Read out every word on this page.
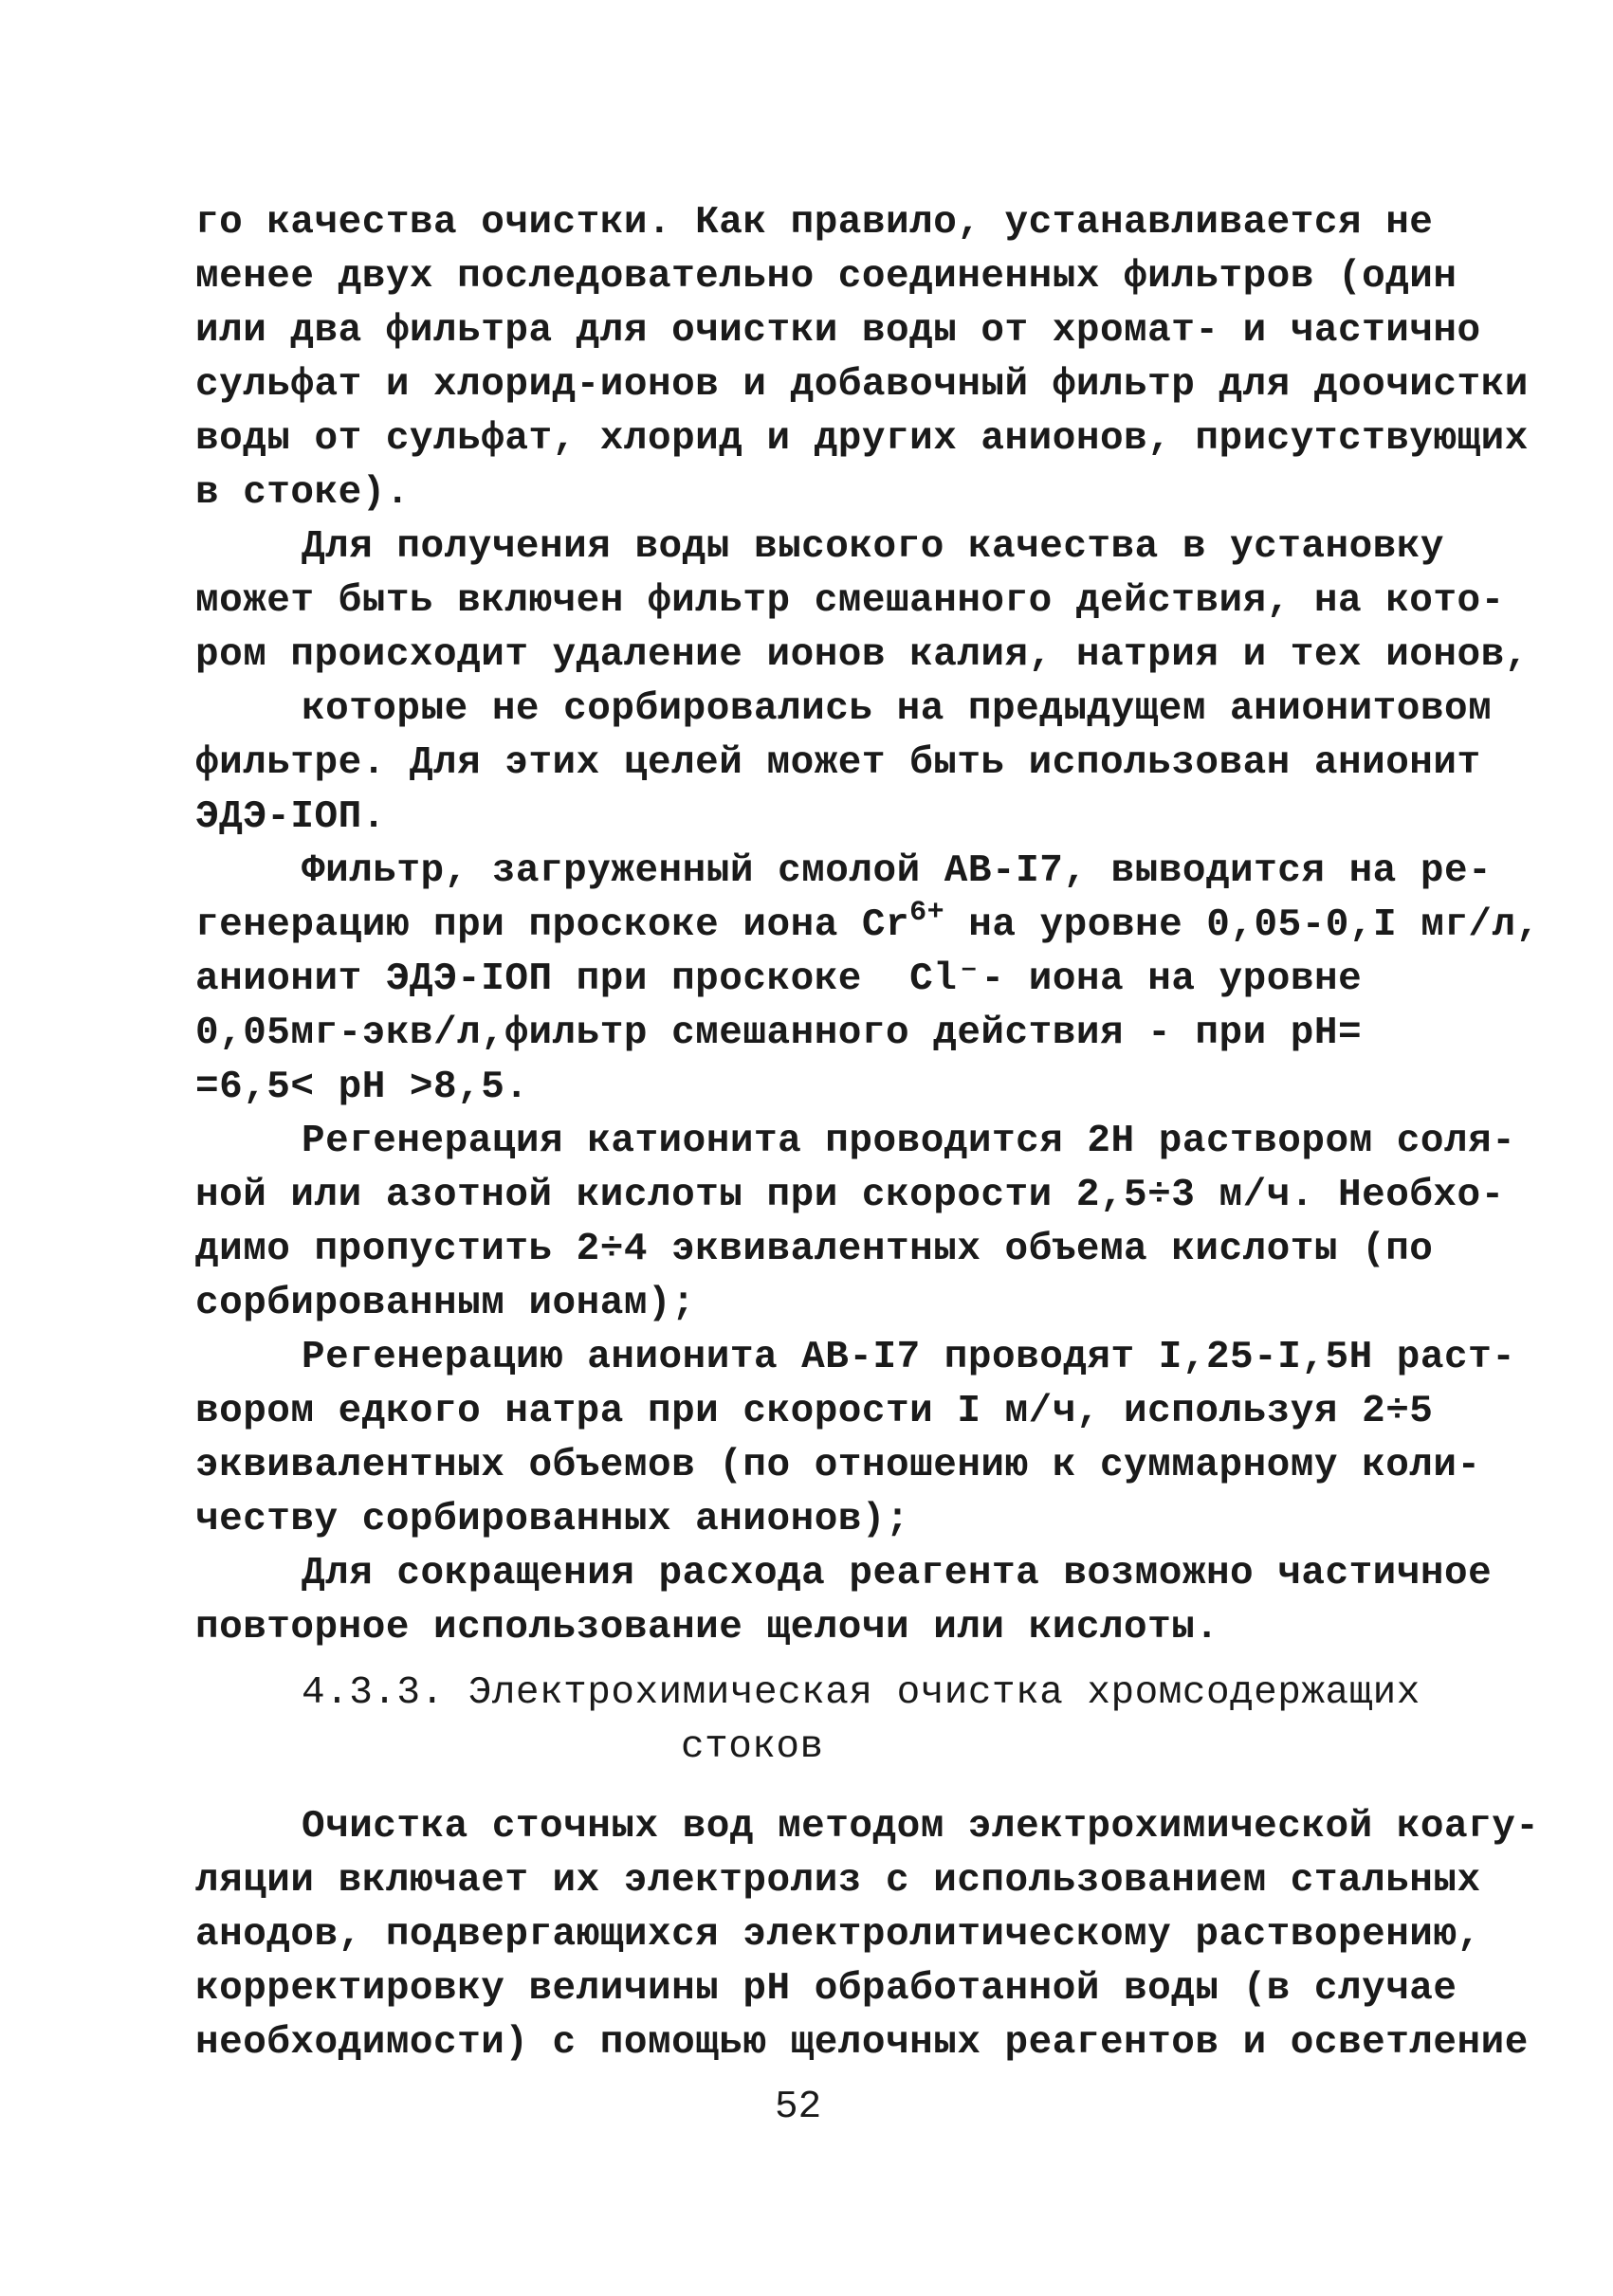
го качества очистки. Как правило, устанавливается не
менее двух последовательно соединенных фильтров (один
или два фильтра для очистки воды от хромат- и частично
сульфат и хлорид-ионов и добавочный фильтр для доочистки
воды от сульфат, хлорид и других анионов, присутствующих
в стоке).
Для получения воды высокого качества в установку
может быть включен фильтр смешанного действия, на кото-
ром происходит удаление ионов калия, натрия и тех ионов,
которые не сорбировались на предыдущем анионитовом
фильтре. Для этих целей может быть использован анионит
ЭДЭ-IOП.
Фильтр, загруженный смолой АВ-I7, выводится на ре-
генерацию при проскоке иона $Cr^{6+}$ на уровне 0,05-0,I мг/л,
анионит ЭДЭ-IOП при проскоке  Cl⁻- иона на уровне
0,05мг-экв/л,фильтр смешанного действия - при pH=
=6,5< pH >8,5.
Регенерация катионита проводится 2Н раствором соля-
ной или азотной кислоты при скорости 2,5÷3 м/ч. Необхо-
димо пропустить 2÷4 эквивалентных объема кислоты (по
сорбированным ионам);
Регенерацию анионита АВ-I7 проводят I,25-I,5Н раст-
вором едкого натра при скорости I м/ч, используя 2÷5
эквивалентных объемов (по отношению к суммарному коли-
честву сорбированных анионов);
Для сокращения расхода реагента возможно частичное
повторное использование щелочи или кислоты.
4.3.3. Электрохимическая очистка хромсодержащих
стоков
Очистка сточных вод методом электрохимической коагу-
ляции включает их электролиз с использованием стальных
анодов, подвергающихся электролитическому растворению,
корректировку величины pH обработанной воды (в случае
необходимости) с помощью щелочных реагентов и осветление
52
